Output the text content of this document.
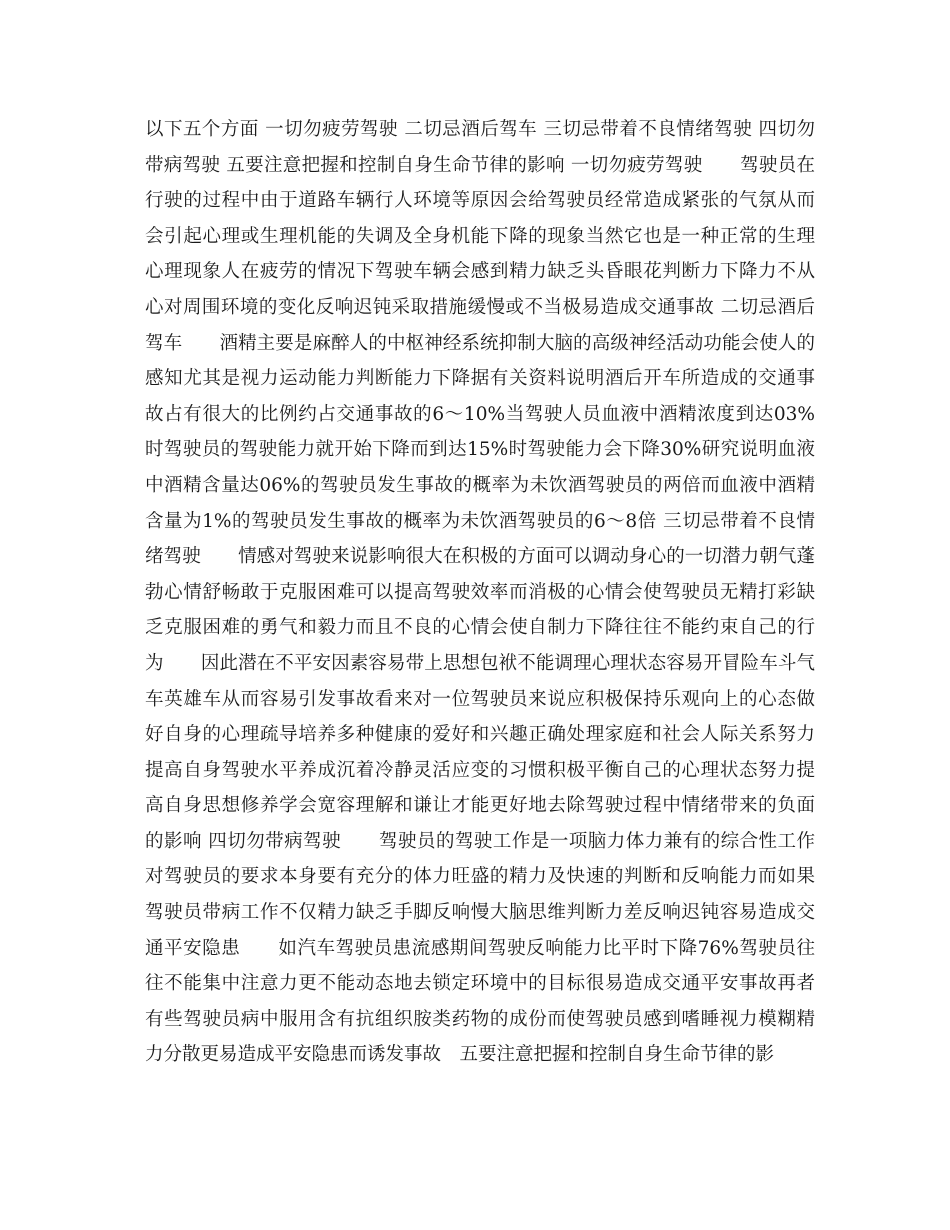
以下五个方面 一切勿疲劳驾驶 二切忌酒后驾车 三切忌带着不良情绪驾驶 四切勿
带病驾驶 五要注意把握和控制自身生命节律的影响 一切勿疲劳驾驶　　驾驶员在
行驶的过程中由于道路车辆行人环境等原因会给驾驶员经常造成紧张的气氛从而
会引起心理或生理机能的失调及全身机能下降的现象当然它也是一种正常的生理
心理现象人在疲劳的情况下驾驶车辆会感到精力缺乏头昏眼花判断力下降力不从
心对周围环境的变化反响迟钝采取措施缓慢或不当极易造成交通事故 二切忌酒后
驾车　　酒精主要是麻醉人的中枢神经系统抑制大脑的高级神经活动功能会使人的
感知尤其是视力运动能力判断能力下降据有关资料说明酒后开车所造成的交通事
故占有很大的比例约占交通事故的6～10%当驾驶人员血液中酒精浓度到达03%
时驾驶员的驾驶能力就开始下降而到达15%时驾驶能力会下降30%研究说明血液
中酒精含量达06%的驾驶员发生事故的概率为未饮酒驾驶员的两倍而血液中酒精
含量为1%的驾驶员发生事故的概率为未饮酒驾驶员的6～8倍 三切忌带着不良情
绪驾驶　　情感对驾驶来说影响很大在积极的方面可以调动身心的一切潜力朝气蓬
勃心情舒畅敢于克服困难可以提高驾驶效率而消极的心情会使驾驶员无精打彩缺
乏克服困难的勇气和毅力而且不良的心情会使自制力下降往往不能约束自己的行
为　　因此潜在不平安因素容易带上思想包袱不能调理心理状态容易开冒险车斗气
车英雄车从而容易引发事故看来对一位驾驶员来说应积极保持乐观向上的心态做
好自身的心理疏导培养多种健康的爱好和兴趣正确处理家庭和社会人际关系努力
提高自身驾驶水平养成沉着冷静灵活应变的习惯积极平衡自己的心理状态努力提
高自身思想修养学会宽容理解和谦让才能更好地去除驾驶过程中情绪带来的负面
的影响 四切勿带病驾驶　　驾驶员的驾驶工作是一项脑力体力兼有的综合性工作
对驾驶员的要求本身要有充分的体力旺盛的精力及快速的判断和反响能力而如果
驾驶员带病工作不仅精力缺乏手脚反响慢大脑思维判断力差反响迟钝容易造成交
通平安隐患　　如汽车驾驶员患流感期间驾驶反响能力比平时下降76%驾驶员往
往不能集中注意力更不能动态地去锁定环境中的目标很易造成交通平安事故再者
有些驾驶员病中服用含有抗组织胺类药物的成份而使驾驶员感到嗜睡视力模糊精
力分散更易造成平安隐患而诱发事故　五要注意把握和控制自身生命节律的影
